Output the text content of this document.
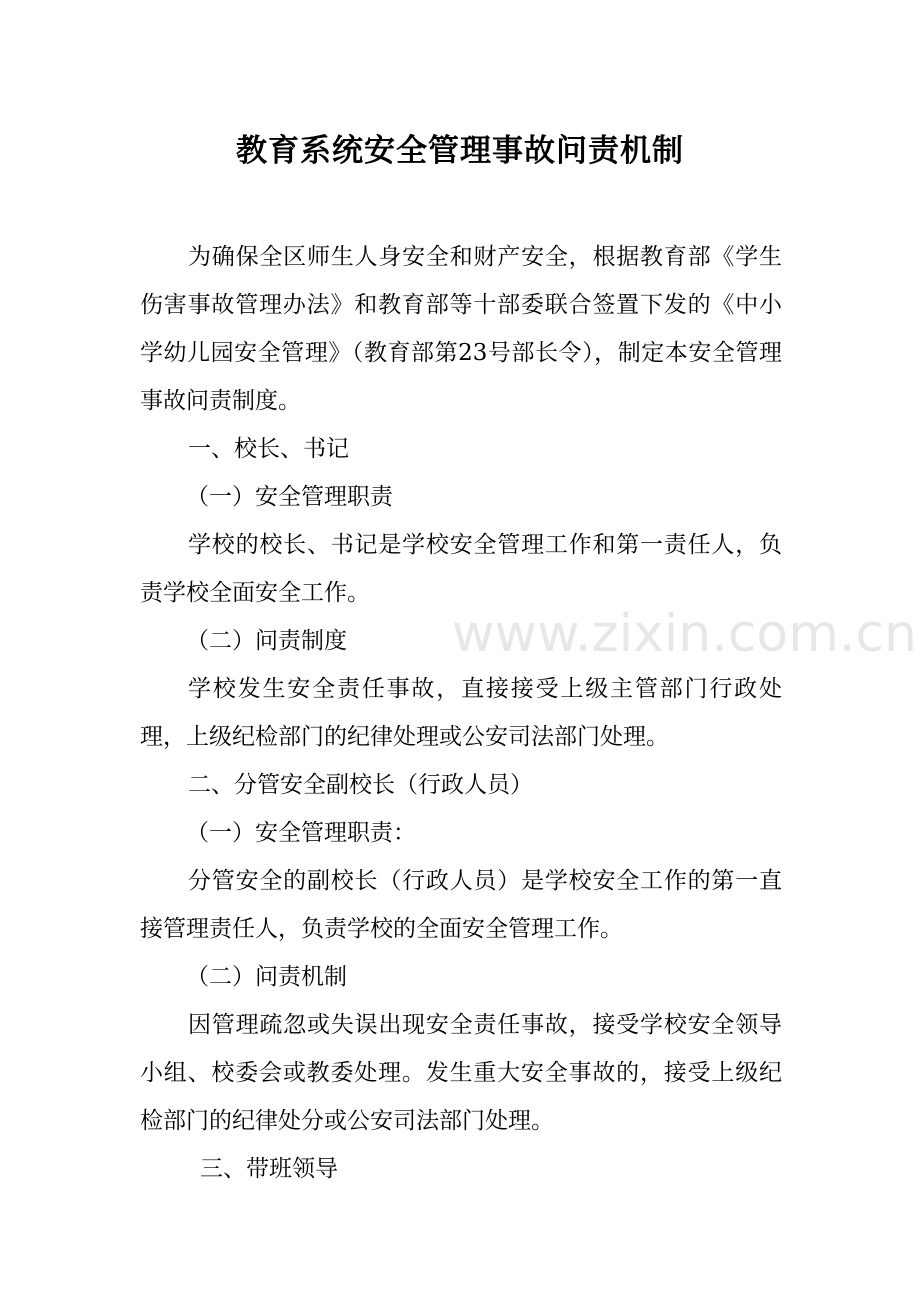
教育系统安全管理事故问责机制

为确保全区师生人身安全和财产安全，根据教育部《学生伤害事故管理办法》和教育部等十部委联合签置下发的《中小学幼儿园安全管理》（教育部第23号部长令），制定本安全管理事故问责制度。

一、校长、书记

（一）安全管理职责

学校的校长、书记是学校安全管理工作和第一责任人，负责学校全面安全工作。

（二）问责制度

学校发生安全责任事故，直接接受上级主管部门行政处理，上级纪检部门的纪律处理或公安司法部门处理。

二、分管安全副校长（行政人员）

（一）安全管理职责：

分管安全的副校长（行政人员）是学校安全工作的第一直接管理责任人，负责学校的全面安全管理工作。

（二）问责机制

因管理疏忽或失误出现安全责任事故，接受学校安全领导小组、校委会或教委处理。发生重大安全事故的，接受上级纪检部门的纪律处分或公安司法部门处理。

三、带班领导

www.zixin.com.cn
